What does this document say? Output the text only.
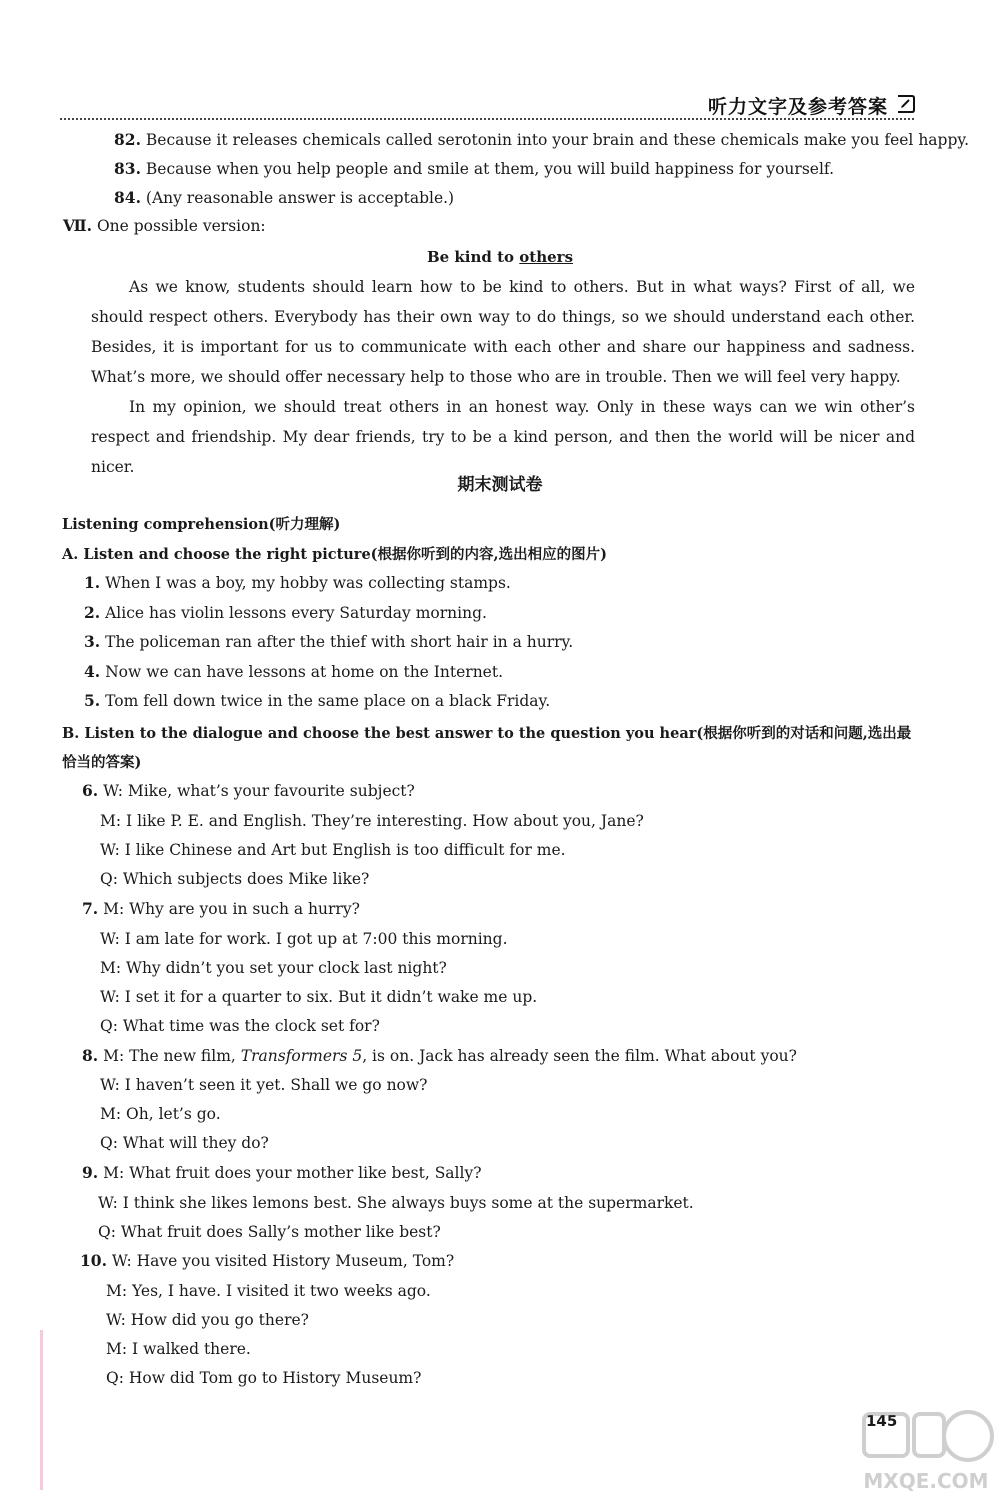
听力文字及参考答案
82. Because it releases chemicals called serotonin into your brain and these chemicals make you feel happy.
83. Because when you help people and smile at them, you will build happiness for yourself.
84. (Any reasonable answer is acceptable.)
Ⅶ. One possible version:
Be kind to others
As we know, students should learn how to be kind to others. But in what ways? First of all, we should respect others. Everybody has their own way to do things, so we should understand each other. Besides, it is important for us to communicate with each other and share our happiness and sadness. What’s more, we should offer necessary help to those who are in trouble. Then we will feel very happy.
In my opinion, we should treat others in an honest way. Only in these ways can we win other’s respect and friendship. My dear friends, try to be a kind person, and then the world will be nicer and nicer.
期末测试卷
Listening comprehension(听力理解)
A. Listen and choose the right picture(根据你听到的内容,选出相应的图片)
1. When I was a boy, my hobby was collecting stamps.
2. Alice has violin lessons every Saturday morning.
3. The policeman ran after the thief with short hair in a hurry.
4. Now we can have lessons at home on the Internet.
5. Tom fell down twice in the same place on a black Friday.
B. Listen to the dialogue and choose the best answer to the question you hear(根据你听到的对话和问题,选出最
恰当的答案)
6. W: Mike, what’s your favourite subject?
M: I like P. E. and English. They’re interesting. How about you, Jane?
W: I like Chinese and Art but English is too difficult for me.
Q: Which subjects does Mike like?
7. M: Why are you in such a hurry?
W: I am late for work. I got up at 7:00 this morning.
M: Why didn’t you set your clock last night?
W: I set it for a quarter to six. But it didn’t wake me up.
Q: What time was the clock set for?
8. M: The new film, Transformers 5, is on. Jack has already seen the film. What about you?
W: I haven’t seen it yet. Shall we go now?
M: Oh, let’s go.
Q: What will they do?
9. M: What fruit does your mother like best, Sally?
W: I think she likes lemons best. She always buys some at the supermarket.
Q: What fruit does Sally’s mother like best?
10. W: Have you visited History Museum, Tom?
M: Yes, I have. I visited it two weeks ago.
W: How did you go there?
M: I walked there.
Q: How did Tom go to History Museum?
145
MXQE.COM
